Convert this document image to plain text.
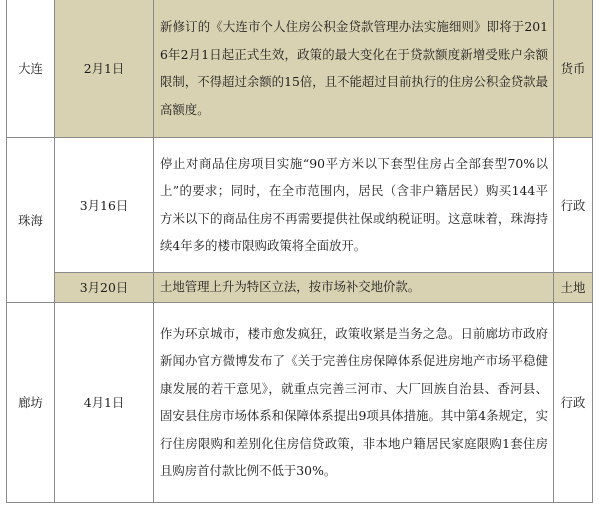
大连	2月1日	新修订的《大连市个人住房公积金贷款管理办法实施细则》即将于2016年2月1日起正式生效，政策的最大变化在于贷款额度新增受账户余额限制，不得超过余额的15倍，且不能超过目前执行的住房公积金贷款最高额度。	货币
珠海	3月16日	停止对商品住房项目实施“90平方米以下套型住房占全部套型70%以上”的要求；同时，在全市范围内，居民（含非户籍居民）购买144平方米以下的商品住房不再需要提供社保或纳税证明。这意味着，珠海持续4年多的楼市限购政策将全面放开。	行政
	3月20日	土地管理上升为特区立法，按市场补交地价款。	土地
廊坊	4月1日	作为环京城市，楼市愈发疯狂，政策收紧是当务之急。日前廊坊市政府新闻办官方微博发布了《关于完善住房保障体系促进房地产市场平稳健康发展的若干意见》，就重点完善三河市、大厂回族自治县、香河县、固安县住房市场体系和保障体系提出9项具体措施。其中第4条规定，实行住房限购和差别化住房信贷政策，非本地户籍居民家庭限购1套住房且购房首付款比例不低于30%。	行政
